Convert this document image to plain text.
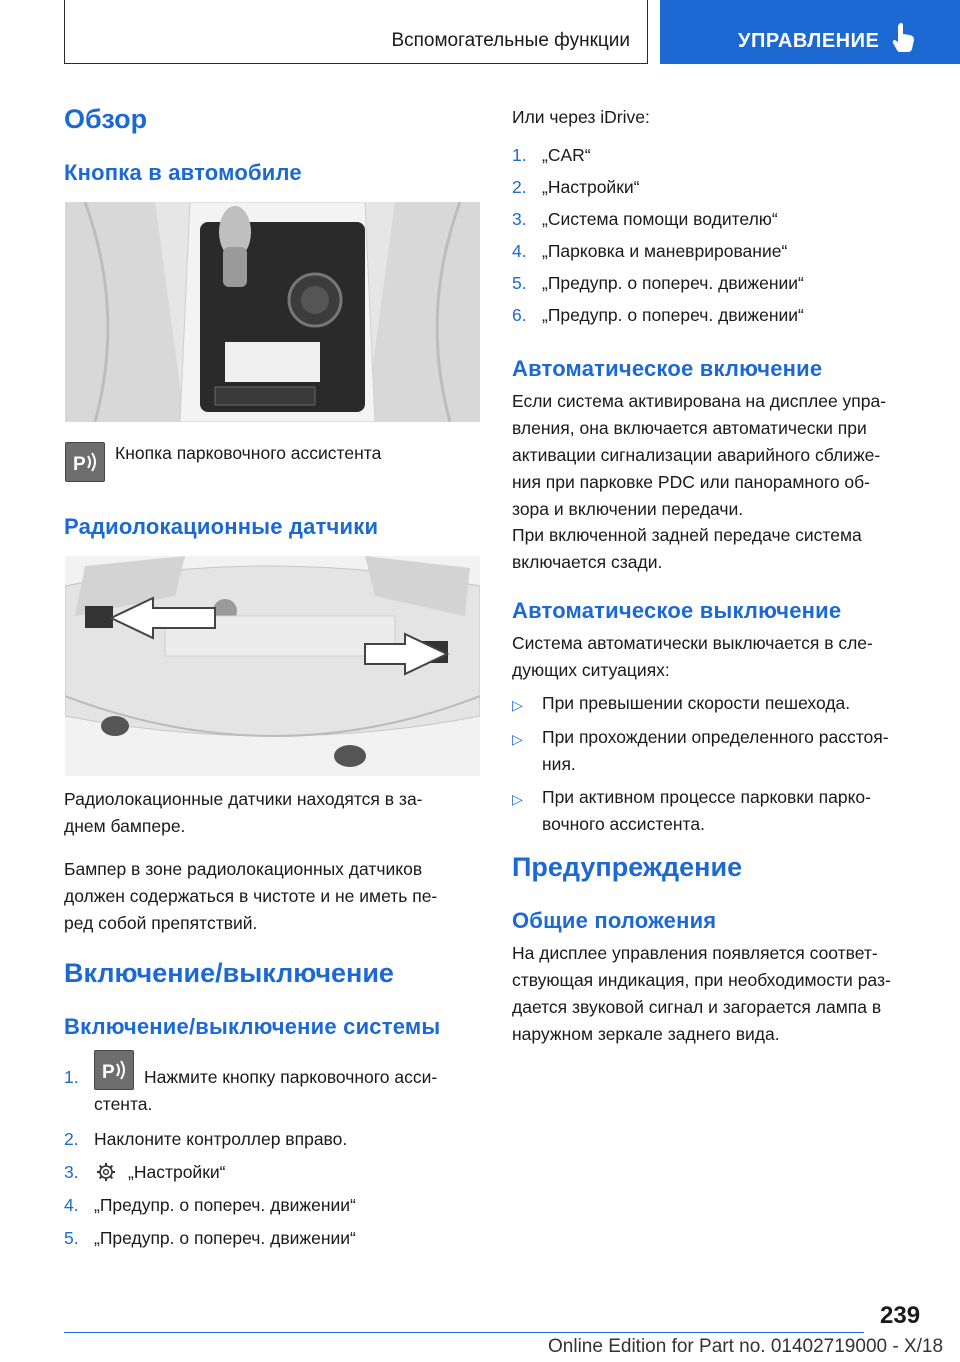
Вспомогательные функции	УПРАВЛЕНИЕ
Обзор
Кнопка в автомобиле
P
Кнопка парковочного ассистента
Радиолокационные датчики
Радиолокационные датчики находятся в за-
днем бампере.
Бампер в зоне радиолокационных датчиков
должен содержаться в чистоте и не иметь пе-
ред собой препятствий.
Включение/выключение
Включение/выключение системы
1. P Нажмите кнопку парковочного асси-
стента.
2. Наклоните контроллер вправо.
3.	„Настройки“
4. „Предупр. о попереч. движении“
5. „Предупр. о попереч. движении“
Или через iDrive:
1. „CAR“
2. „Настройки“
3. „Система помощи водителю“
4. „Парковка и маневрирование“
5. „Предупр. о попереч. движении“
6. „Предупр. о попереч. движении“
Автоматическое включение
Если система активирована на дисплее упра-
вления, она включается автоматически при
активации сигнализации аварийного сближе-
ния при парковке PDC или панорамного об-
зора и включении передачи.
При включенной задней передаче система
включается сзади.
Автоматическое выключение
Система автоматически выключается в сле-
дующих ситуациях:
▷ При превышении скорости пешехода.
▷ При прохождении определенного расстоя-
ния.
▷ При активном процессе парковки парко-
вочного ассистента.
Предупреждение
Общие положения
На дисплее управления появляется соответ-
ствующая индикация, при необходимости раз-
дается звуковой сигнал и загорается лампа в
наружном зеркале заднего вида.
239
Online Edition for Part no. 01402719000 - X/18
